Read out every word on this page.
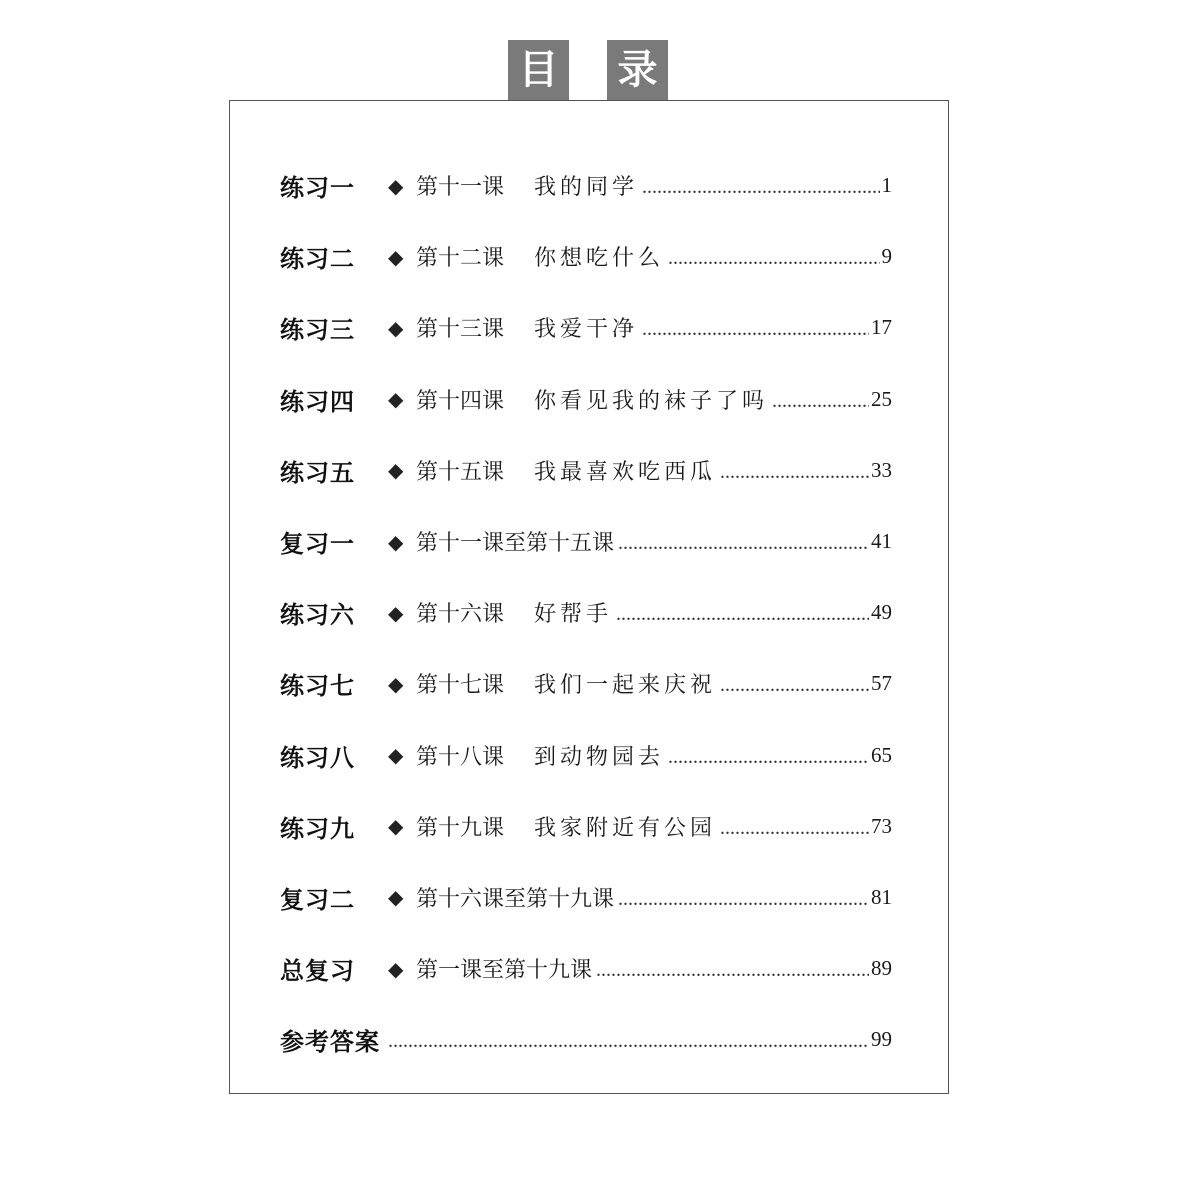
目 录
练习一	◆ 第十一课 我的同学 .....	1
练习二	◆ 第十二课 你想吃什么 .....	9
练习三	◆ 第十三课 我爱干净 .....	17
练习四	◆ 第十四课 你看见我的袜子了吗 .....	25
练习五	◆ 第十五课 我最喜欢吃西瓜 .....	33
复习一	◆ 第十一课至第十五课 .....	41
练习六	◆ 第十六课 好帮手 .....	49
练习七	◆ 第十七课 我们一起来庆祝 .....	57
练习八	◆ 第十八课 到动物园去 .....	65
练习九	◆ 第十九课 我家附近有公园 .....	73
复习二	◆ 第十六课至第十九课 .....	81
总复习	◆ 第一课至第十九课 .....	89
参考答案 .....	99
